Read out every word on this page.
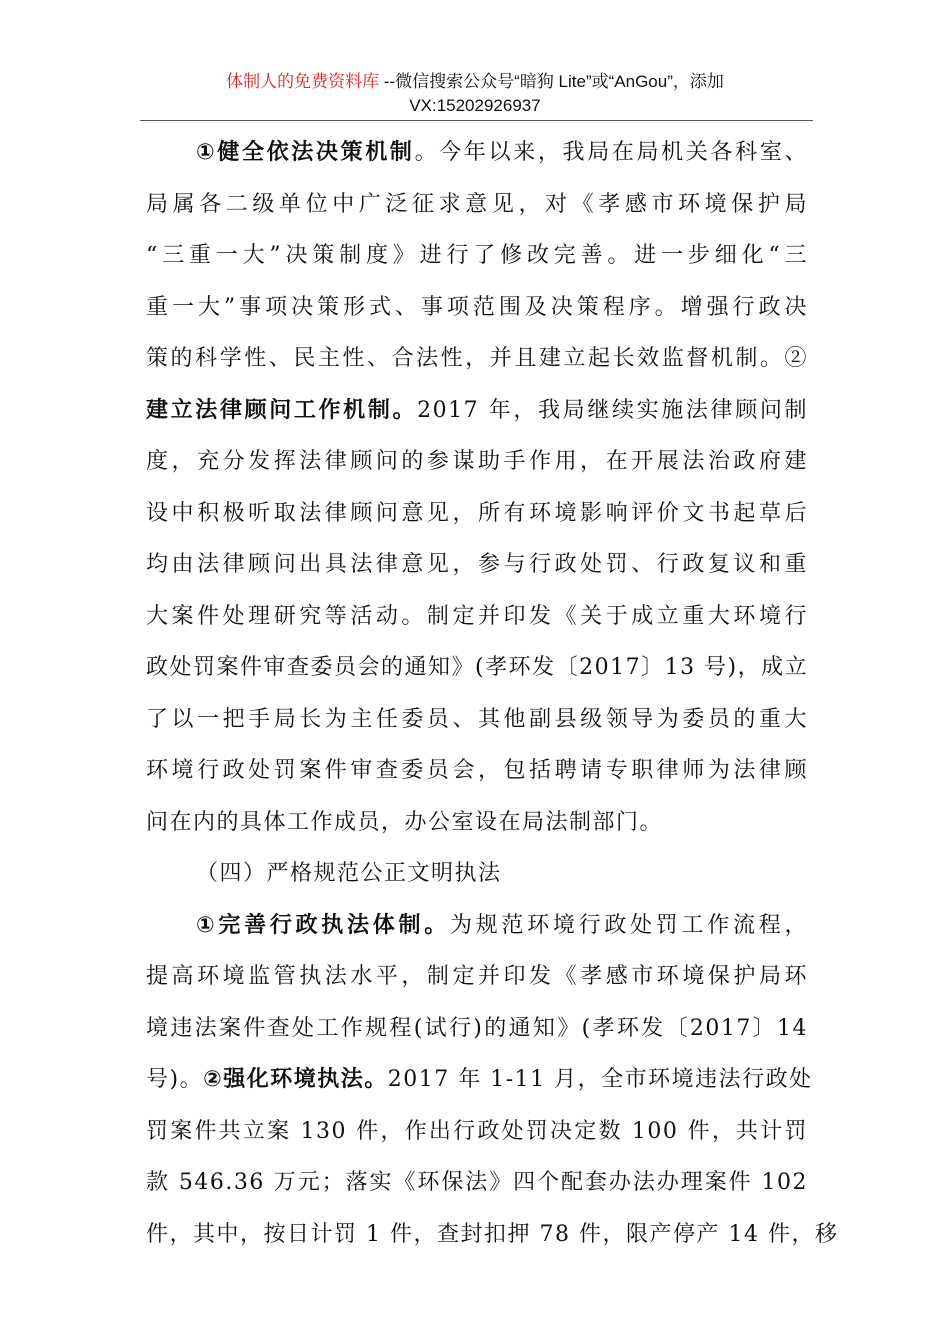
体制人的免费资料库 --微信搜索公众号“暗狗 Lite”或“AnGou”，添加
VX:15202926937
①健全依法决策机制。今年以来，我局在局机关各科室、
局属各二级单位中广泛征求意见，对《孝感市环境保护局
“三重一大”决策制度》进行了修改完善。进一步细化“三
重一大”事项决策形式、事项范围及决策程序。增强行政决
策的科学性、民主性、合法性，并且建立起长效监督机制。②
建立法律顾问工作机制。2017 年，我局继续实施法律顾问制
度，充分发挥法律顾问的参谋助手作用，在开展法治政府建
设中积极听取法律顾问意见，所有环境影响评价文书起草后
均由法律顾问出具法律意见，参与行政处罚、行政复议和重
大案件处理研究等活动。制定并印发《关于成立重大环境行
政处罚案件审查委员会的通知》(孝环发〔2017〕13 号)，成立
了以一把手局长为主任委员、其他副县级领导为委员的重大
环境行政处罚案件审查委员会，包括聘请专职律师为法律顾
问在内的具体工作成员，办公室设在局法制部门。
（四）严格规范公正文明执法
①完善行政执法体制。为规范环境行政处罚工作流程，
提高环境监管执法水平，制定并印发《孝感市环境保护局环
境违法案件查处工作规程(试行)的通知》(孝环发〔2017〕14
号)。②强化环境执法。2017 年 1-11 月，全市环境违法行政处
罚案件共立案 130 件，作出行政处罚决定数 100 件，共计罚
款 546.36 万元；落实《环保法》四个配套办法办理案件 102
件，其中，按日计罚 1 件，查封扣押 78 件，限产停产 14 件，移
